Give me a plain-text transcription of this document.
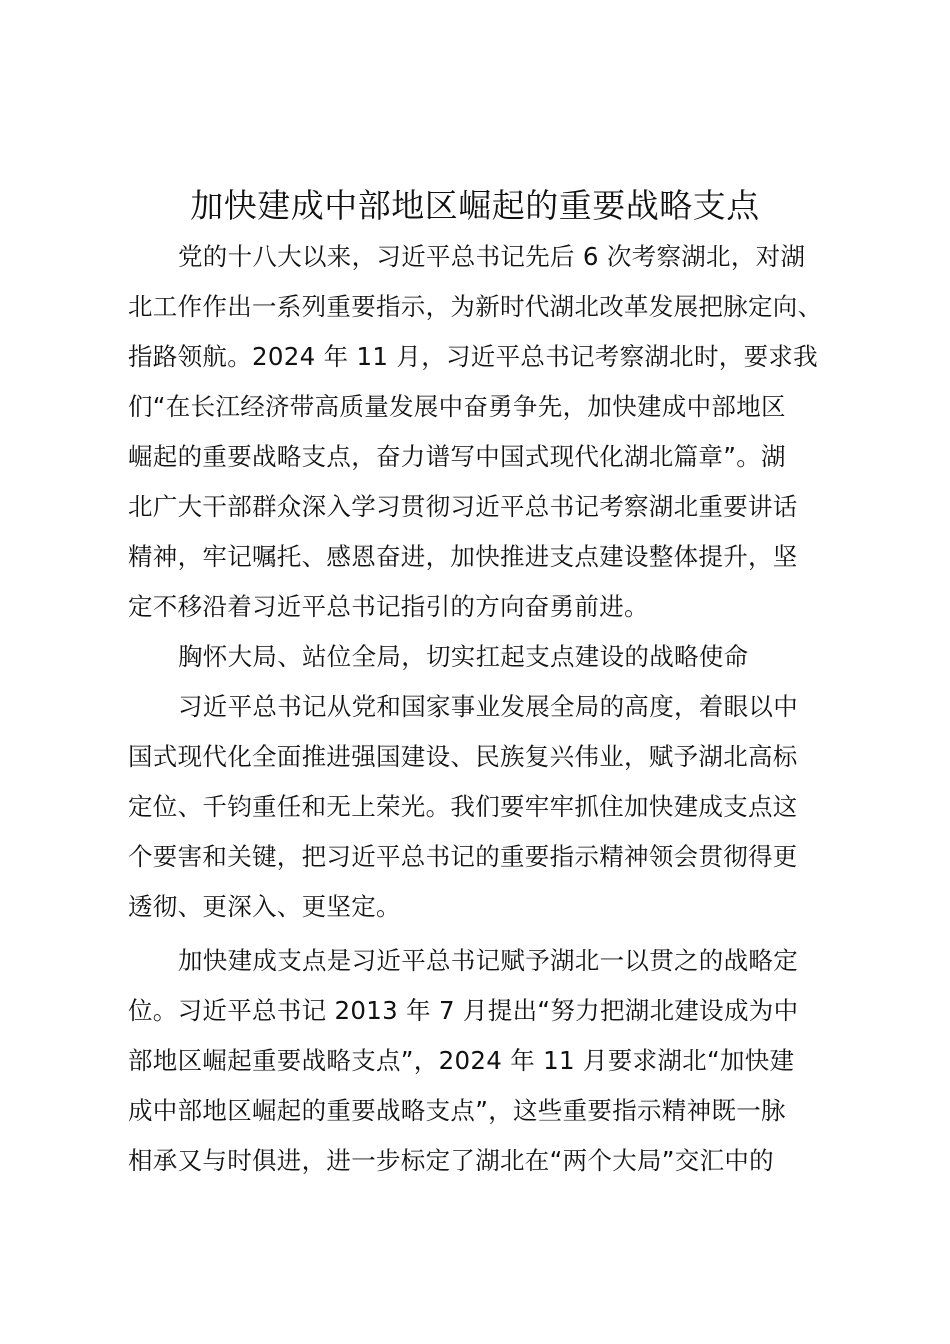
加快建成中部地区崛起的重要战略支点
党的十八大以来，习近平总书记先后 6 次考察湖北，对湖
北工作作出一系列重要指示，为新时代湖北改革发展把脉定向、
指路领航。2024 年 11 月，习近平总书记考察湖北时，要求我
们“在长江经济带高质量发展中奋勇争先，加快建成中部地区
崛起的重要战略支点，奋力谱写中国式现代化湖北篇章”。湖
北广大干部群众深入学习贯彻习近平总书记考察湖北重要讲话
精神，牢记嘱托、感恩奋进，加快推进支点建设整体提升，坚
定不移沿着习近平总书记指引的方向奋勇前进。
胸怀大局、站位全局，切实扛起支点建设的战略使命
习近平总书记从党和国家事业发展全局的高度，着眼以中
国式现代化全面推进强国建设、民族复兴伟业，赋予湖北高标
定位、千钧重任和无上荣光。我们要牢牢抓住加快建成支点这
个要害和关键，把习近平总书记的重要指示精神领会贯彻得更
透彻、更深入、更坚定。
加快建成支点是习近平总书记赋予湖北一以贯之的战略定
位。习近平总书记 2013 年 7 月提出“努力把湖北建设成为中
部地区崛起重要战略支点”，2024 年 11 月要求湖北“加快建
成中部地区崛起的重要战略支点”，这些重要指示精神既一脉
相承又与时俱进，进一步标定了湖北在“两个大局”交汇中的
